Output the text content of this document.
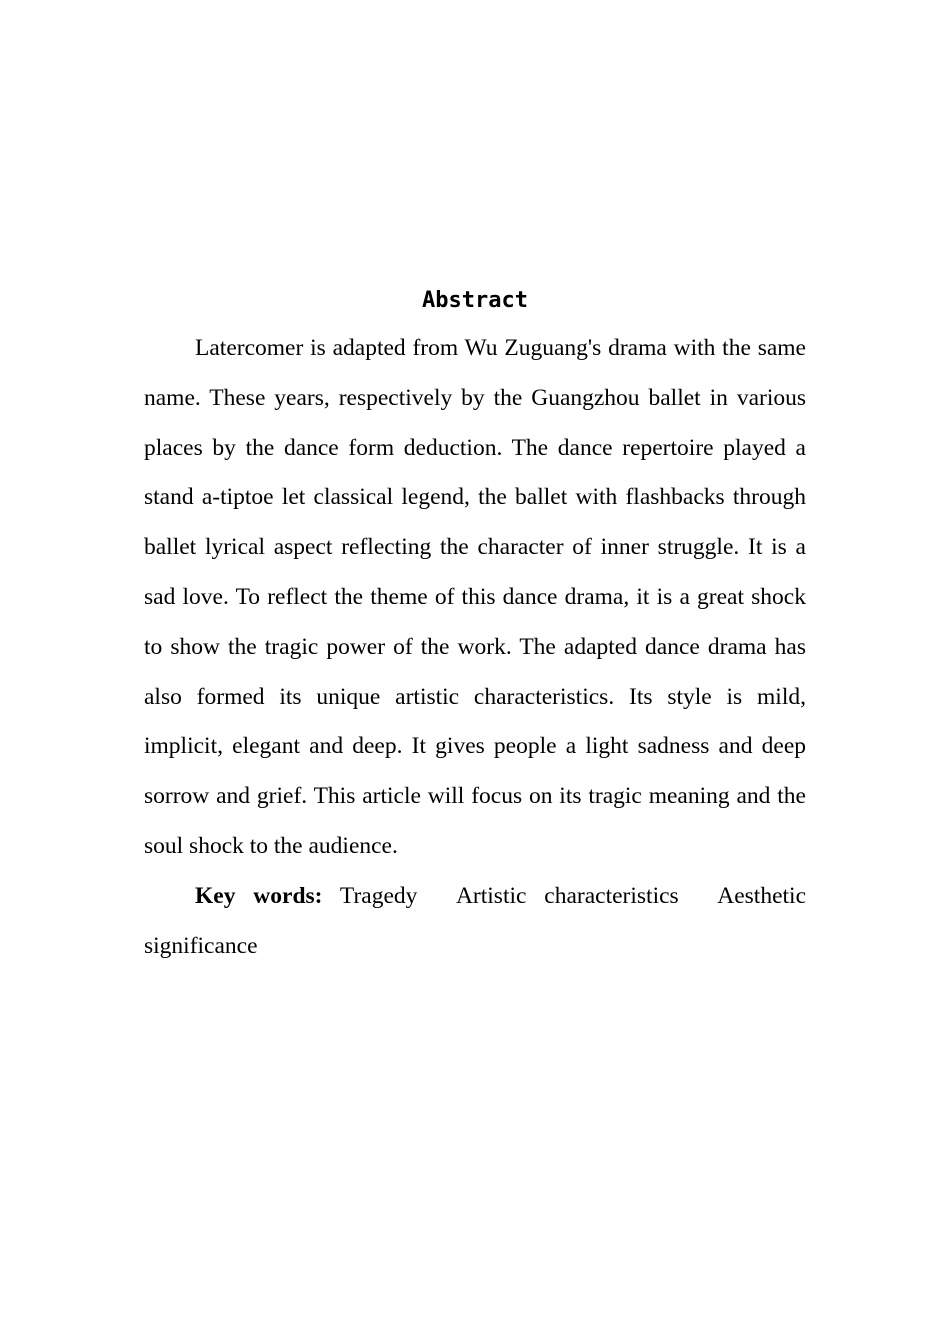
Abstract

Latercomer is adapted from Wu Zuguang's drama with the same name. These years, respectively by the Guangzhou ballet in various places by the dance form deduction. The dance repertoire played a stand a-tiptoe let classical legend, the ballet with flashbacks through ballet lyrical aspect reflecting the character of inner struggle. It is a sad love. To reflect the theme of this dance drama, it is a great shock to show the tragic power of the work. The adapted dance drama has also formed its unique artistic characteristics. Its style is mild, implicit, elegant and deep. It gives people a light sadness and deep sorrow and grief. This article will focus on its tragic meaning and the soul shock to the audience.

Key words: Tragedy Artistic characteristics Aesthetic significance
